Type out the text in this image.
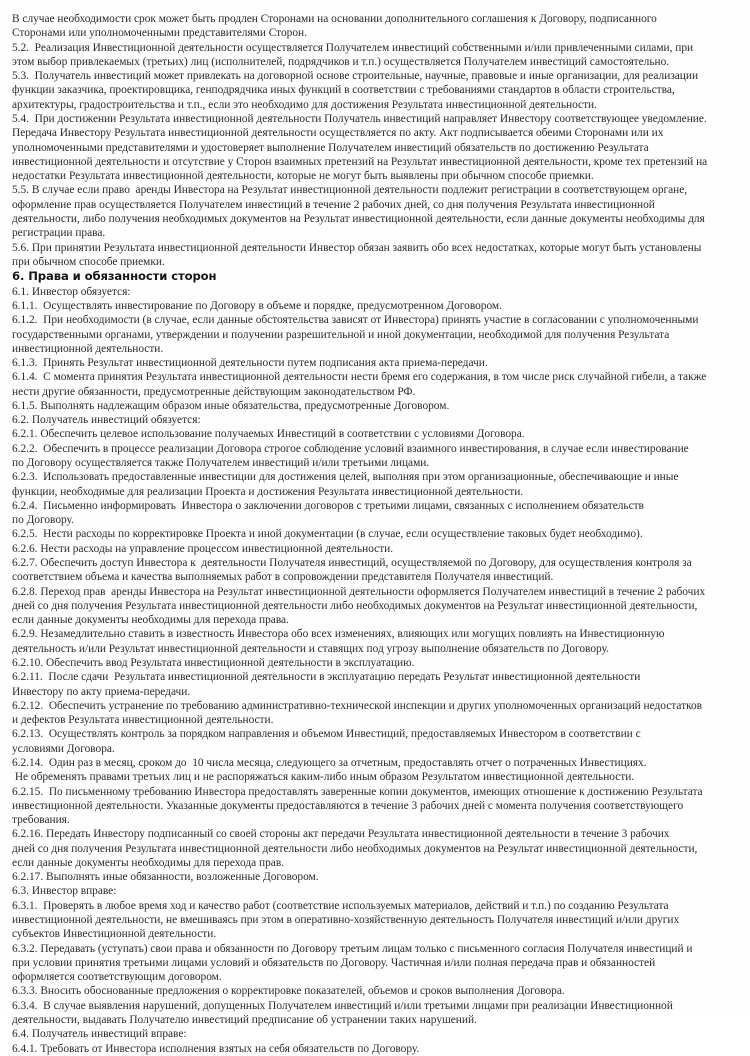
В случае необходимости срок может быть продлен Сторонами на основании дополнительного соглашения к Договору, подписанного
Сторонами или уполномоченными представителями Сторон.
5.2.  Реализация Инвестиционной деятельности осуществляется Получателем инвестиций собственными и/или привлеченными силами, при
этом выбор привлекаемых (третьих) лиц (исполнителей, подрядчиков и т.п.) осуществляется Получателем инвестиций самостоятельно.
5.3.  Получатель инвестиций может привлекать на договорной основе строительные, научные, правовые и иные организации, для реализации
функции заказчика, проектировщика, генподрядчика иных функций в соответствии с требованиями стандартов в области строительства,
архитектуры, градостроительства и т.п., если это необходимо для достижения Результата инвестиционной деятельности.
5.4.  При достижении Результата инвестиционной деятельности Получатель инвестиций направляет Инвестору соответствующее уведомление.
Передача Инвестору Результата инвестиционной деятельности осуществляется по акту. Акт подписывается обеими Сторонами или их
уполномоченными представителями и удостоверяет выполнение Получателем инвестиций обязательств по достижению Результата
инвестиционной деятельности и отсутствие у Сторон взаимных претензий на Результат инвестиционной деятельности, кроме тех претензий на
недостатки Результата инвестиционной деятельности, которые не могут быть выявлены при обычном способе приемки.
5.5. В случае если право  аренды Инвестора на Результат инвестиционной деятельности подлежит регистрации в соответствующем органе,
оформление прав осуществляется Получателем инвестиций в течение 2 рабочих дней, со дня получения Результата инвестиционной
деятельности, либо получения необходимых документов на Результат инвестиционной деятельности, если данные документы необходимы для
регистрации права.
5.6. При принятии Результата инвестиционной деятельности Инвестор обязан заявить обо всех недостатках, которые могут быть установлены
при обычном способе приемки.
6. Права и обязанности сторон
6.1. Инвестор обязуется:
6.1.1.  Осуществлять инвестирование по Договору в объеме и порядке, предусмотренном Договором.
6.1.2.  При необходимости (в случае, если данные обстоятельства зависят от Инвестора) принять участие в согласовании с уполномоченными
государственными органами, утверждении и получении разрешительной и иной документации, необходимой для получения Результата
инвестиционной деятельности.
6.1.3.  Принять Результат инвестиционной деятельности путем подписания акта приема-передачи.
6.1.4.  С момента принятия Результата инвестиционной деятельности нести бремя его содержания, в том числе риск случайной гибели, а также
нести другие обязанности, предусмотренные действующим законодательством РФ.
6.1.5. Выполнять надлежащим образом иные обязательства, предусмотренные Договором.
6.2. Получатель инвестиций обязуется:
6.2.1. Обеспечить целевое использование получаемых Инвестиций в соответствии с условиями Договора.
6.2.2.  Обеспечить в процессе реализации Договора строгое соблюдение условий взаимного инвестирования, в случае если инвестирование
по Договору осуществляется также Получателем инвестиций и/или третьими лицами.
6.2.3.  Использовать предоставленные инвестиции для достижения целей, выполняя при этом организационные, обеспечивающие и иные
функции, необходимые для реализации Проекта и достижения Результата инвестиционной деятельности.
6.2.4.  Письменно информировать  Инвестора о заключении договоров с третьими лицами, связанных с исполнением обязательств
по Договору.
6.2.5.  Нести расходы по корректировке Проекта и иной документации (в случае, если осуществление таковых будет необходимо).
6.2.6. Нести расходы на управление процессом инвестиционной деятельности.
6.2.7. Обеспечить доступ Инвестора к  деятельности Получателя инвестиций, осуществляемой по Договору, для осуществления контроля за
соответствием объема и качества выполняемых работ в сопровождении представителя Получателя инвестиций.
6.2.8. Переход прав  аренды Инвестора на Результат инвестиционной деятельности оформляется Получателем инвестиций в течение 2 рабочих
дней со дня получения Результата инвестиционной деятельности либо необходимых документов на Результат инвестиционной деятельности,
если данные документы необходимы для перехода права.
6.2.9. Незамедлительно ставить в известность Инвестора обо всех изменениях, влияющих или могущих повлиять на Инвестиционную
деятельность и/или Результат инвестиционной деятельности и ставящих под угрозу выполнение обязательств по Договору.
6.2.10. Обеспечить ввод Результата инвестиционной деятельности в эксплуатацию.
6.2.11.  После сдачи  Результата инвестиционной деятельности в эксплуатацию передать Результат инвестиционной деятельности
Инвестору по акту приема-передачи.
6.2.12.  Обеспечить устранение по требованию административно-технической инспекции и других уполномоченных организаций недостатков
и дефектов Результата инвестиционной деятельности.
6.2.13.  Осуществлять контроль за порядком направления и объемом Инвестиций, предоставляемых Инвестором в соответствии с
условиями Договора.
6.2.14.  Один раз в месяц, сроком до  10 числа месяца, следующего за отчетным, предоставлять отчет о потраченных Инвестициях.
Не обременять правами третьих лиц и не распоряжаться каким-либо иным образом Результатом инвестиционной деятельности.
6.2.15.  По письменному требованию Инвестора предоставлять заверенные копии документов, имеющих отношение к достижению Результата
инвестиционной деятельности. Указанные документы предоставляются в течение 3 рабочих дней с момента получения соответствующего
требования.
6.2.16. Передать Инвестору подписанный со своей стороны акт передачи Результата инвестиционной деятельности в течение 3 рабочих
дней со дня получения Результата инвестиционной деятельности либо необходимых документов на Результат инвестиционной деятельности,
если данные документы необходимы для перехода прав.
6.2.17. Выполнять иные обязанности, возложенные Договором.
6.3. Инвестор вправе:
6.3.1.  Проверять в любое время ход и качество работ (соответствие используемых материалов, действий и т.п.) по созданию Результата
инвестиционной деятельности, не вмешиваясь при этом в оперативно-хозяйственную деятельность Получателя инвестиций и/или других
субъектов Инвестиционной деятельности.
6.3.2. Передавать (уступать) свои права и обязанности по Договору третьим лицам только с письменного согласия Получателя инвестиций и
при условии принятия третьими лицами условий и обязательств по Договору. Частичная и/или полная передача прав и обязанностей
оформляется соответствующим договором.
6.3.3. Вносить обоснованные предложения о корректировке показателей, объемов и сроков выполнения Договора.
6.3.4.  В случае выявления нарушений, допущенных Получателем инвестиций и/или третьими лицами при реализации Инвестиционной
деятельности, выдавать Получателю инвестиций предписание об устранении таких нарушений.
6.4. Получатель инвестиций вправе:
6.4.1. Требовать от Инвестора исполнения взятых на себя обязательств по Договору.
